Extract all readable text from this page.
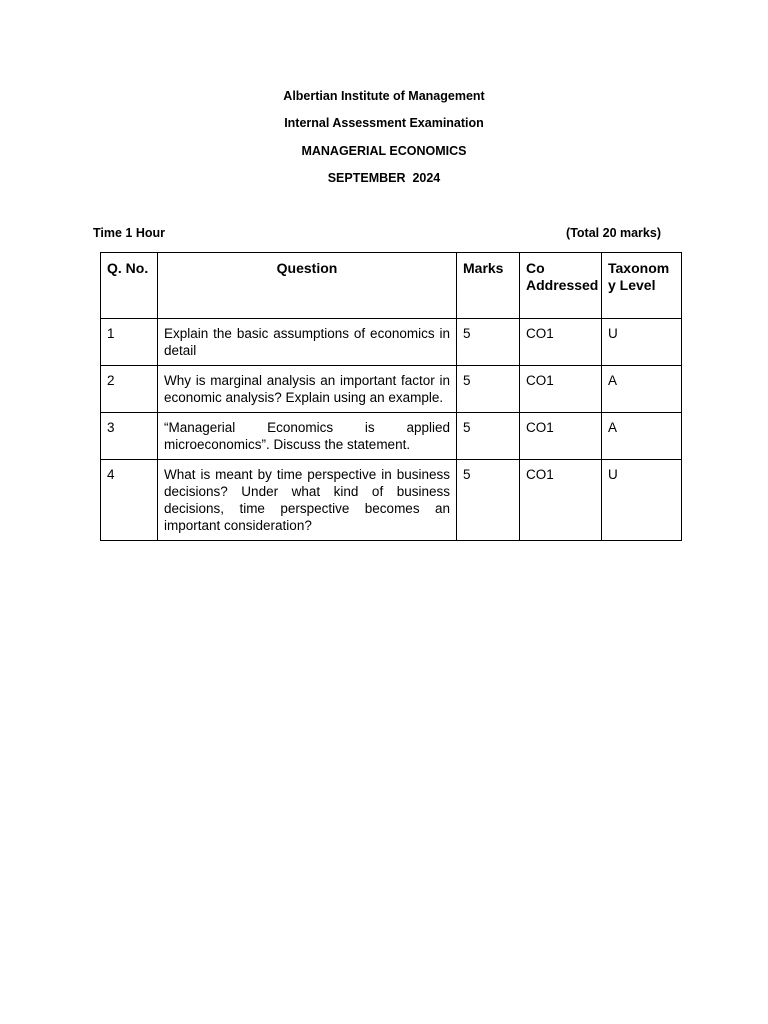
Albertian Institute of Management
Internal Assessment Examination
MANAGERIAL ECONOMICS
SEPTEMBER  2024
Time 1 Hour	(Total 20 marks)
Q. No.	Question	Marks	Co Addressed	Taxonom y Level
1	Explain the basic assumptions of economics in detail	5	CO1	U
2	Why is marginal analysis an important factor in economic analysis? Explain using an example.	5	CO1	A
3	“Managerial Economics is applied microeconomics”. Discuss the statement.	5	CO1	A
4	What is meant by time perspective in business decisions? Under what kind of business decisions, time perspective becomes an important consideration?	5	CO1	U
